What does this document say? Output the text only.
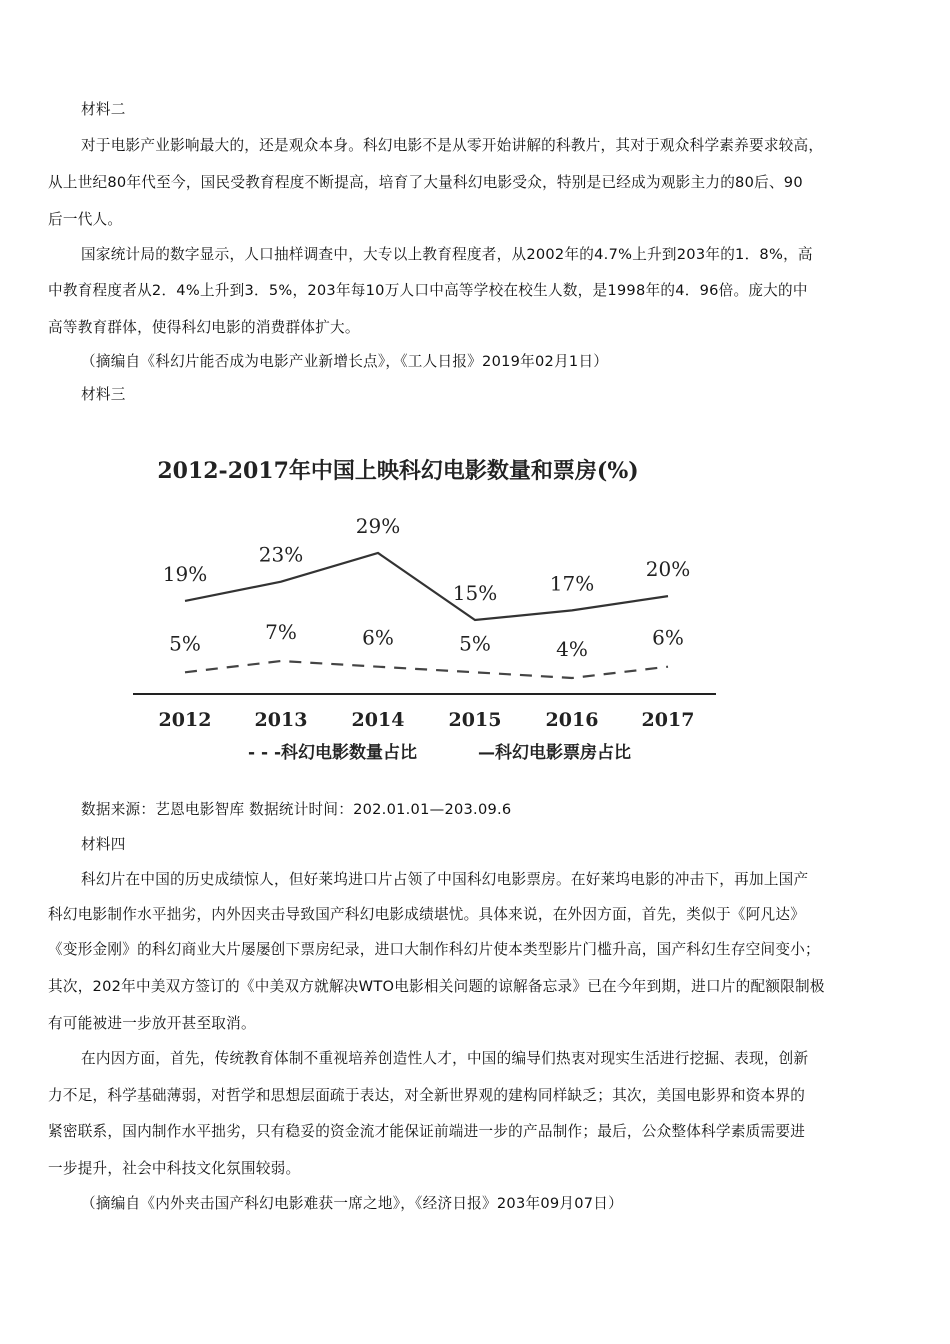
材料二
对于电影产业影响最大的，还是观众本身。科幻电影不是从零开始讲解的科教片，其对于观众科学素养要求较高，
从上世纪80年代至今，国民受教育程度不断提高，培育了大量科幻电影受众，特别是已经成为观影主力的80后、90
后一代人。
国家统计局的数字显示，人口抽样调查中，大专以上教育程度者，从2002年的4.7%上升到203年的1．8%，高
中教育程度者从2．4%上升到3．5%，203年每10万人口中高等学校在校生人数，是1998年的4．96倍。庞大的中
高等教育群体，使得科幻电影的消费群体扩大。
（摘编自《科幻片能否成为电影产业新增长点》，《工人日报》2019年02月1日）
材料三
2012-2017年中国上映科幻电影数量和票房(%)
19%
23%
29%
15%	17%
20%
5%	7%	6%	5%	4%	6%
2012 2013 2014 2015 2016 2017
- - -科幻电影数量占比	—科幻电影票房占比
数据来源：艺恩电影智库 数据统计时间：202.01.01—203.09.6
材料四
科幻片在中国的历史成绩惊人，但好莱坞进口片占领了中国科幻电影票房。在好莱坞电影的冲击下，再加上国产
科幻电影制作水平拙劣，内外因夹击导致国产科幻电影成绩堪忧。具体来说，在外因方面，首先，类似于《阿凡达》
《变形金刚》的科幻商业大片屡屡创下票房纪录，进口大制作科幻片使本类型影片门槛升高，国产科幻生存空间变小；
其次，202年中美双方签订的《中美双方就解决WTO电影相关问题的谅解备忘录》已在今年到期，进口片的配额限制极
有可能被进一步放开甚至取消。
在内因方面，首先，传统教育体制不重视培养创造性人才，中国的编导们热衷对现实生活进行挖掘、表现，创新
力不足，科学基础薄弱，对哲学和思想层面疏于表达，对全新世界观的建构同样缺乏；其次，美国电影界和资本界的
紧密联系，国内制作水平拙劣，只有稳妥的资金流才能保证前端进一步的产品制作；最后，公众整体科学素质需要进
一步提升，社会中科技文化氛围较弱。
（摘编自《内外夹击国产科幻电影难获一席之地》，《经济日报》203年09月07日）
